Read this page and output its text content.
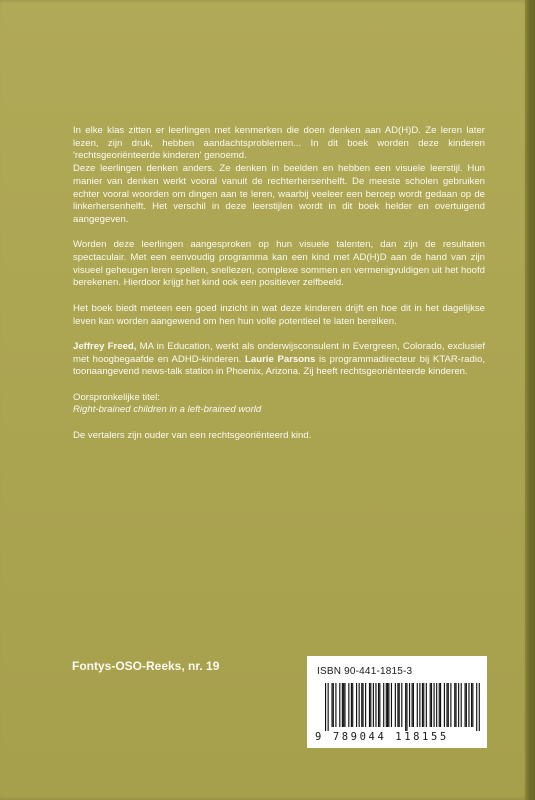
In elke klas zitten er leerlingen met kenmerken die doen denken aan AD(H)D. Ze leren later lezen, zijn druk, hebben aandachtsproblemen... In dit boek worden deze kinderen 'rechtsgeoriënteerde kinderen' genoemd.

Deze leerlingen denken anders. Ze denken in beelden en hebben een visuele leerstijl. Hun manier van denken werkt vooral vanuit de rechterhersenhelft. De meeste scholen gebruiken echter vooral woorden om dingen aan te leren, waarbij veeleer een beroep wordt gedaan op de linkerhersenhelft. Het verschil in deze leerstijlen wordt in dit boek helder en overtuigend aangegeven.

Worden deze leerlingen aangesproken op hun visuele talenten, dan zijn de resultaten spectaculair. Met een eenvoudig programma kan een kind met AD(H)D aan de hand van zijn visueel geheugen leren spellen, snellezen, complexe sommen en vermenigvuldigen uit het hoofd berekenen. Hierdoor krijgt het kind ook een positiever zelfbeeld.

Het boek biedt meteen een goed inzicht in wat deze kinderen drijft en hoe dit in het dagelijkse leven kan worden aangewend om hen hun volle potentieel te laten bereiken.

Jeffrey Freed, MA in Education, werkt als onderwijsconsulent in Evergreen, Colorado, exclusief met hoogbegaafde en ADHD-kinderen. Laurie Parsons is programmadirecteur bij KTAR-radio, toonaangevend news-talk station in Phoenix, Arizona. Zij heeft rechtsgeoriënteerde kinderen.

Oorspronkelijke titel:

Right-brained children in a left-brained world

De vertalers zijn ouder van een rechtsgeoriënteerd kind.

Fontys-OSO-Reeks, nr. 19	ISBN 90-441-1815-3
9 789044 118155
